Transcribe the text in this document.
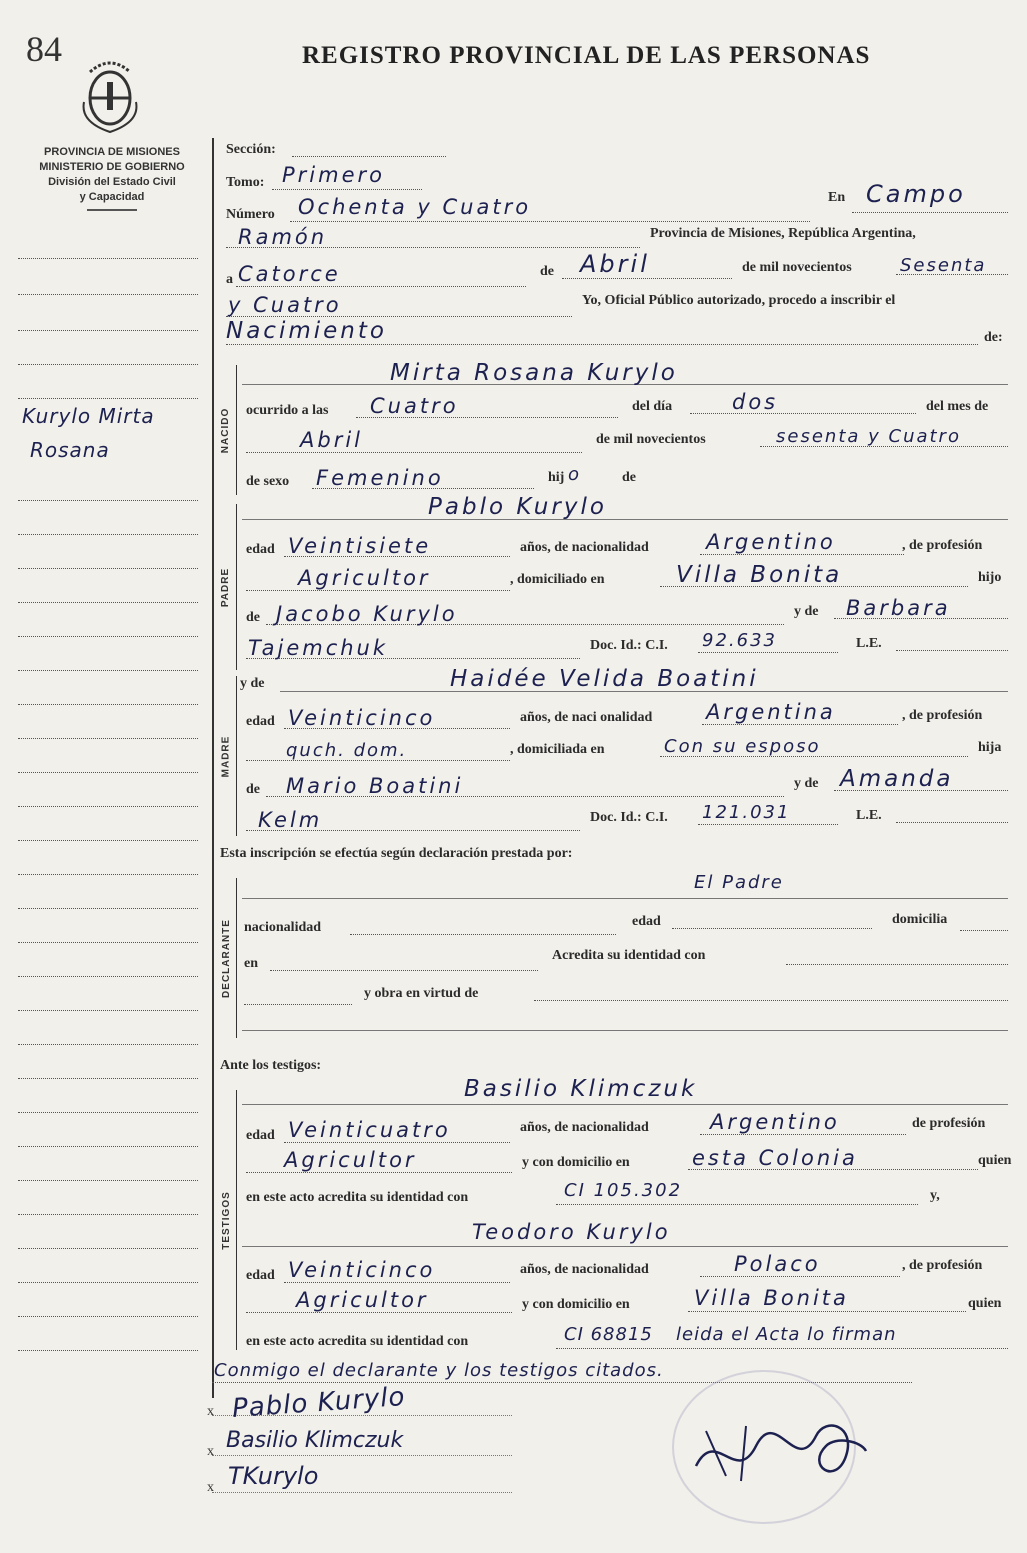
84	REGISTRO PROVINCIAL DE LAS PERSONAS
PROVINCIA DE MISIONES
MINISTERIO DE GOBIERNO
División del Estado Civil
y Capacidad
Kurylo Mirta
Rosana
Sección:
Tomo: Primero
Número Ochenta y Cuatro	En Campo
Ramón	Provincia de Misiones, República Argentina,
a Catorce	de Abril	de mil novecientos	Sesenta
y Cuatro	Yo, Oficial Público autorizado, procedo a inscribir el
Nacimiento	de:
NACIDO
Mirta Rosana Kurylo
ocurrido a las Cuatro	del día	dos	del mes de
Abril	de mil novecientos	sesenta y Cuatro
de sexo Femenino	hij o	de
PADRE
Pablo Kurylo
edad Veintisiete	años, de nacionalidad	Argentino	, de profesión
Agricultor	, domiciliado en	Villa Bonita	hijo
de Jacobo Kurylo	y de Barbara
Tajemchuk	Doc. Id.: C.I. 92.633	L.E.
MADRE
y de	Haidée Velida Boatini
edad Veinticinco	años, de naci onalidad	Argentina	, de profesión
quch. dom.	, domiciliada en	Con su esposo	hija
de Mario Boatini	y de Amanda
Kelm	Doc. Id.: C.I. 121.031	L.E.
Esta inscripción se efectúa según declaración prestada por:
DECLARANTE
El Padre
nacionalidad	edad	domicilia
en
Acredita su identidad con
y obra en virtud de
Ante los testigos:
TESTIGOS
Basilio Klimczuk
edad Veinticuatro	años, de nacionalidad	Argentino	de profesión
Agricultor	y con domicilio en	esta Colonia	quien
en este acto acredita su identidad con	CI 105.302	y,
Teodoro Kurylo
edad Veinticinco	años, de nacionalidad	Polaco	, de profesión
Agricultor	y con domicilio en	Villa Bonita	quien
en este acto acredita su identidad con	CI 68815 leida el Acta lo firman
Conmigo el declarante y los testigos citados.
x
x
x
Pablo Kurylo
Basilio Klimczuk
TKurylo
